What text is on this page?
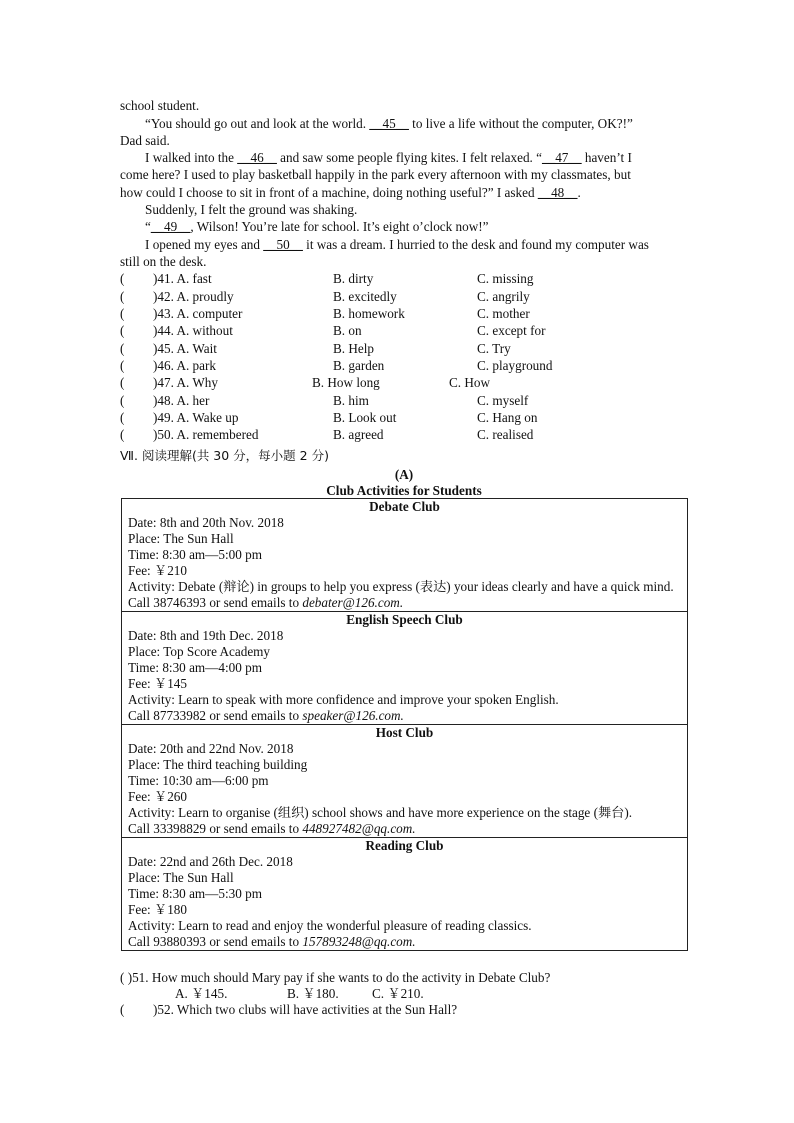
school student.
“You should go out and look at the world. __45__ to live a life without the computer, OK?!”
Dad said.
I walked into the __46__ and saw some people flying kites. I felt relaxed. “__47__ haven’t I
come here? I used to play basketball happily in the park every afternoon with my classmates, but
how could I choose to sit in front of a machine, doing nothing useful?” I asked __48__.
Suddenly, I felt the ground was shaking.
“__49__, Wilson! You’re late for school. It’s eight o’clock now!”
I opened my eyes and __50__ it was a dream. I hurried to the desk and found my computer was
still on the desk.
( )41. A. fast	B. dirty	C. missing
( )42. A. proudly	B. excitedly	C. angrily
( )43. A. computer	B. homework	C. mother
( )44. A. without	B. on	C. except for
( )45. A. Wait	B. Help	C. Try
( )46. A. park	B. garden	C. playground
( )47. A. Why	B. How long	C. How
( )48. A. her	B. him	C. myself
( )49. A. Wake up	B. Look out	C. Hang on
( )50. A. remembered	B. agreed	C. realised
Ⅶ. 阅读理解(共 30 分，每小题 2 分)
(A)
Club Activities for Students
Debate Club
Date: 8th and 20th Nov. 2018
Place: The Sun Hall
Time: 8:30 am—5:00 pm
Fee: ￥210
Activity: Debate (辩论) in groups to help you express (表达) your ideas clearly and have a quick mind.
Call 38746393 or send emails to debater@126.com.
English Speech Club
Date: 8th and 19th Dec. 2018
Place: Top Score Academy
Time: 8:30 am—4:00 pm
Fee: ￥145
Activity: Learn to speak with more confidence and improve your spoken English.
Call 87733982 or send emails to speaker@126.com.
Host Club
Date: 20th and 22nd Nov. 2018
Place: The third teaching building
Time: 10:30 am—6:00 pm
Fee: ￥260
Activity: Learn to organise (组织) school shows and have more experience on the stage (舞台).
Call 33398829 or send emails to 448927482@qq.com.
Reading Club
Date: 22nd and 26th Dec. 2018
Place: The Sun Hall
Time: 8:30 am—5:30 pm
Fee: ￥180
Activity: Learn to read and enjoy the wonderful pleasure of reading classics.
Call 93880393 or send emails to 157893248@qq.com.
( )51. How much should Mary pay if she wants to do the activity in Debate Club?
A. ￥145.	B. ￥180.	C. ￥210.
( )52. Which two clubs will have activities at the Sun Hall?
